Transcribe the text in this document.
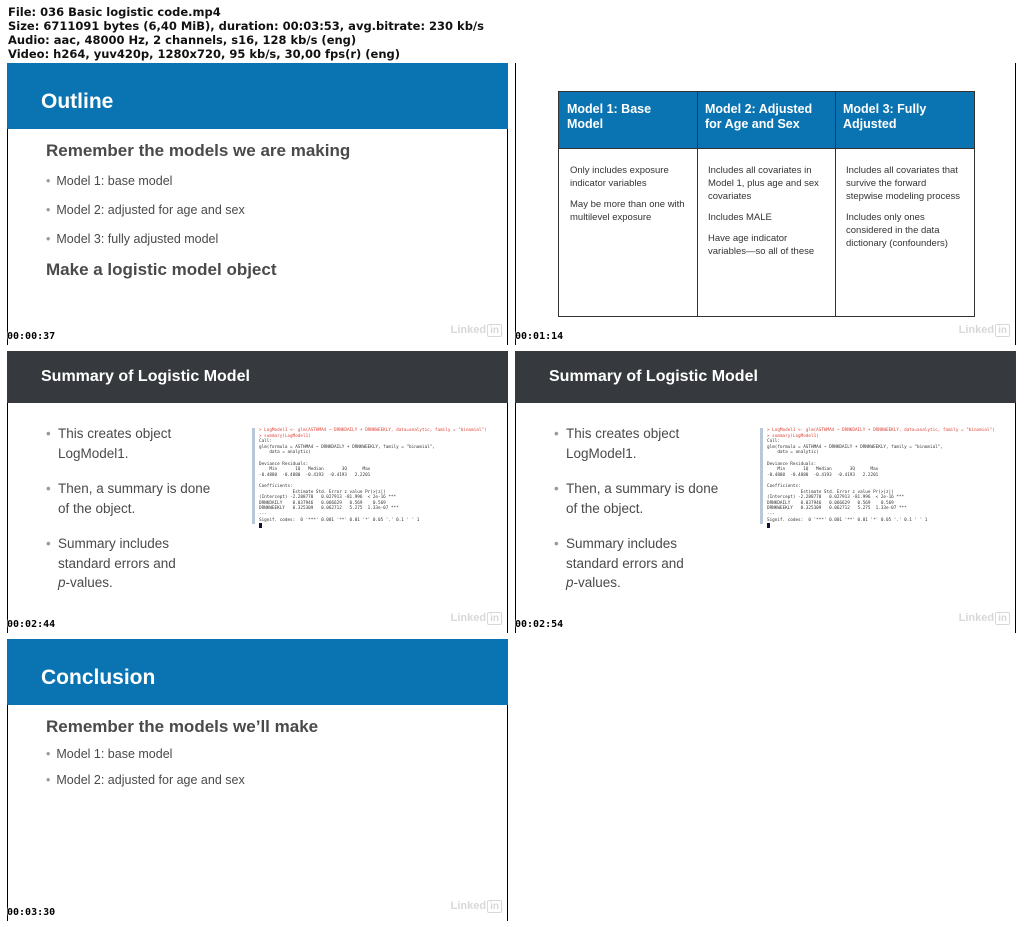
File: 036 Basic logistic code.mp4
Size: 6711091 bytes (6,40 MiB), duration: 00:03:53, avg.bitrate: 230 kb/s
Audio: aac, 48000 Hz, 2 channels, s16, 128 kb/s (eng)
Video: h264, yuv420p, 1280x720, 95 kb/s, 30,00 fps(r) (eng)
Outline
Remember the models we are making
• Model 1: base model
• Model 2: adjusted for age and sex
• Model 3: fully adjusted model
Make a logistic model object
Linked in
00:00:37
Model 1: Base Model
Model 2: Adjusted for Age and Sex
Model 3: Fully Adjusted

Only includes exposure indicator variables

May be more than one with multilevel exposure

Includes all covariates in Model 1, plus age and sex covariates

Includes MALE

Have age indicator variables—so all of these

Includes all covariates that survive the forward stepwise modeling process

Includes only ones considered in the data dictionary (confounders)

Linked in
00:01:14
Summary of Logistic Model
• This creates object
LogModel1.
• Then, a summary is done
of the object.
• Summary includes
standard errors and
p-values.
> LogModel1 <- glm(ASTHMA4 ~ DRNKDAILY + DRNKWEEKLY, data=analytic, family = "binomial")
> summary(LogModel1)
Call:
glm(formula = ASTHMA4 ~ DRNKDAILY + DRNKWEEKLY, family = "binomial",
data = analytic)

Deviance Residuals:
Min       1Q   Median       3Q      Max
-0.4880  -0.4880  -0.4193  -0.4193   2.2201

Coefficients:
Estimate Std. Error z value Pr(>|z|)
(Intercept) -2.288770   0.027913 -81.996  < 2e-16 ***
DRNKDAILY    0.037946   0.066629   0.569    0.569
DRNKWEEKLY   0.325309   0.062712   5.275  1.33e-07 ***
---
Signif. codes:  0 '***' 0.001 '**' 0.01 '*' 0.05 '.' 0.1 ' ' 1

Linked in
00:02:44
Summary of Logistic Model
• This creates object
LogModel1.
• Then, a summary is done
of the object.
• Summary includes
standard errors and
p-values.
> LogModel1 <- glm(ASTHMA4 ~ DRNKDAILY + DRNKWEEKLY, data=analytic, family = "binomial")
> summary(LogModel1)
Call:
glm(formula = ASTHMA4 ~ DRNKDAILY + DRNKWEEKLY, family = "binomial",
data = analytic)

Deviance Residuals:
Min       1Q   Median       3Q      Max
-0.4880  -0.4880  -0.4193  -0.4193   2.2201

Coefficients:
Estimate Std. Error z value Pr(>|z|)
(Intercept) -2.288770   0.027913 -81.996  < 2e-16 ***
DRNKDAILY    0.037946   0.066629   0.569    0.569
DRNKWEEKLY   0.325309   0.062712   5.275  1.33e-07 ***
---
Signif. codes:  0 '***' 0.001 '**' 0.01 '*' 0.05 '.' 0.1 ' ' 1

Linked in
00:02:54
Conclusion
Remember the models we’ll make
• Model 1: base model
• Model 2: adjusted for age and sex
Linked in
00:03:30
